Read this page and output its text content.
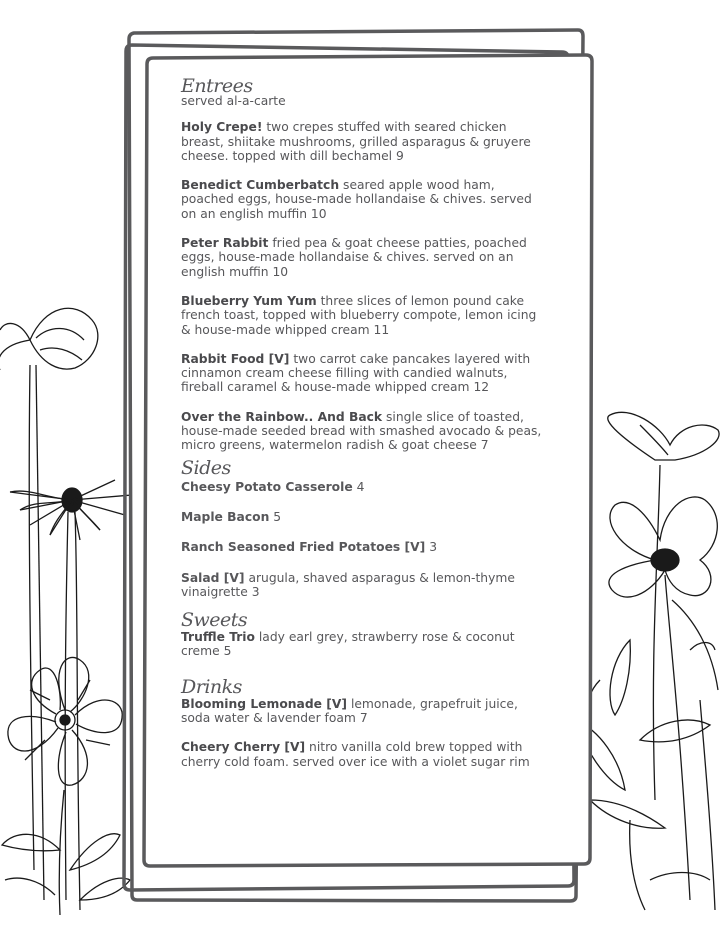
Entrees
served al-a-carte
Holy Crepe! two crepes stuffed with seared chicken breast, shiitake mushrooms, grilled asparagus & gruyere cheese. topped with dill bechamel 9
Benedict Cumberbatch seared apple wood ham, poached eggs, house-made hollandaise & chives. served on an english muffin 10
Peter Rabbit fried pea & goat cheese patties, poached eggs, house-made hollandaise & chives. served on an english muffin 10
Blueberry Yum Yum three slices of lemon pound cake french toast, topped with blueberry compote, lemon icing & house-made whipped cream 11
Rabbit Food [V] two carrot cake pancakes layered with cinnamon cream cheese filling with candied walnuts, fireball caramel & house-made whipped cream 12
Over the Rainbow.. And Back single slice of toasted, house-made seeded bread with smashed avocado & peas, micro greens, watermelon radish & goat cheese 7
Sides
Cheesy Potato Casserole 4
Maple Bacon 5
Ranch Seasoned Fried Potatoes [V] 3
Salad [V] arugula, shaved asparagus & lemon-thyme vinaigrette 3
Sweets
Truffle Trio lady earl grey, strawberry rose & coconut creme 5
Drinks
Blooming Lemonade [V] lemonade, grapefruit juice, soda water & lavender foam 7
Cheery Cherry [V] nitro vanilla cold brew topped with cherry cold foam. served over ice with a violet sugar rim
